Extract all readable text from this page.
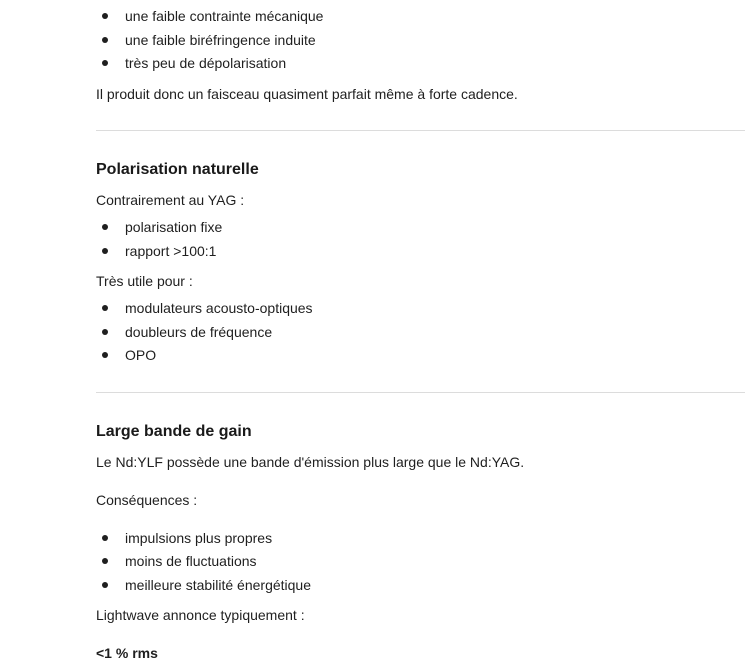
une faible contrainte mécanique
une faible biréfringence induite
très peu de dépolarisation
Il produit donc un faisceau quasiment parfait même à forte cadence.
Polarisation naturelle
Contrairement au YAG :
polarisation fixe
rapport >100:1
Très utile pour :
modulateurs acousto-optiques
doubleurs de fréquence
OPO
Large bande de gain
Le Nd:YLF possède une bande d'émission plus large que le Nd:YAG.
Conséquences :
impulsions plus propres
moins de fluctuations
meilleure stabilité énergétique
Lightwave annonce typiquement :
<1 % rms
